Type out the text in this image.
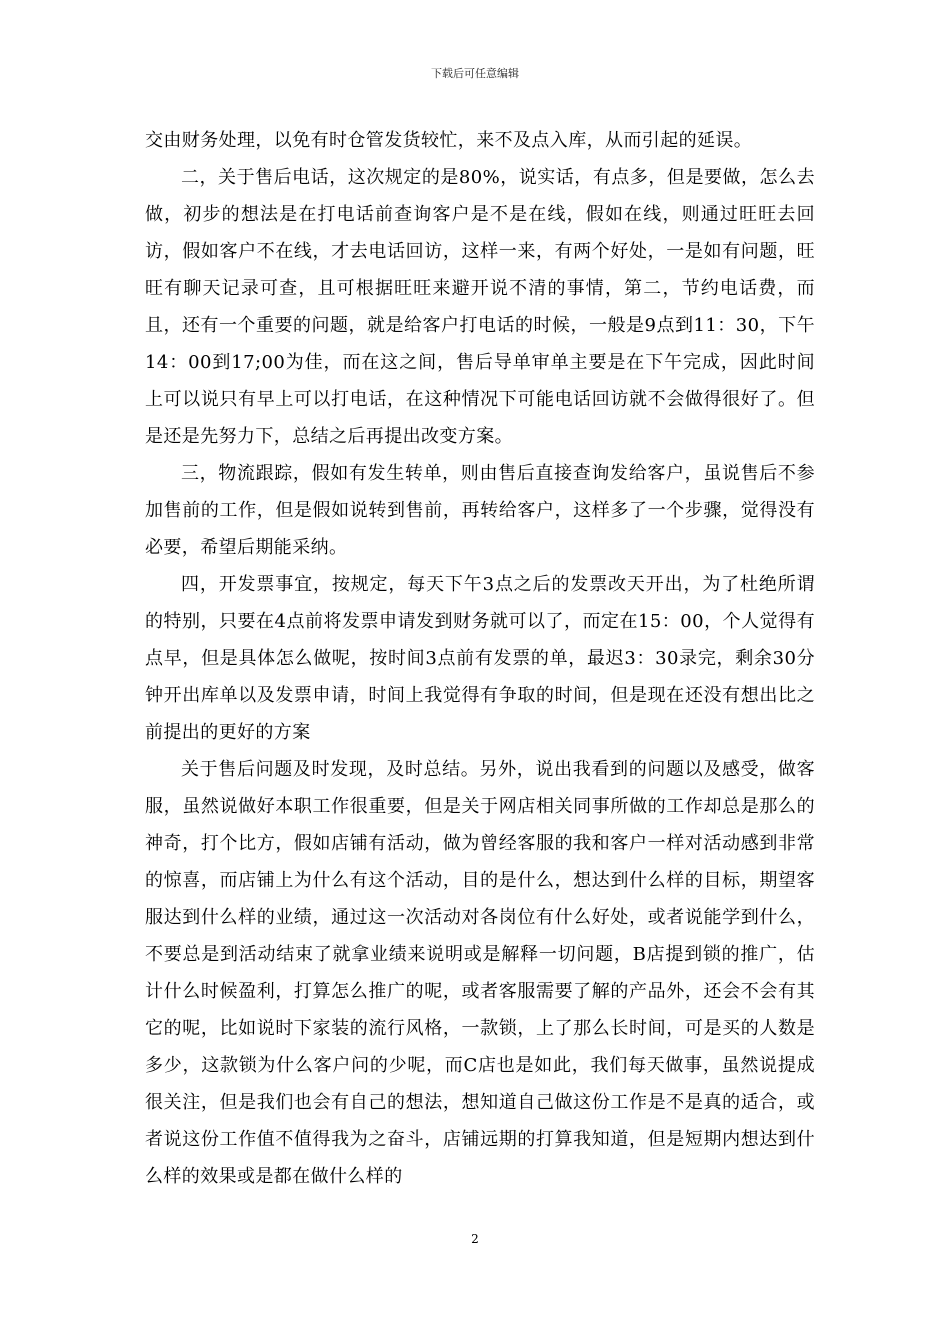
下载后可任意编辑

交由财务处理，以免有时仓管发货较忙，来不及点入库，从而引起的延误。

二，关于售后电话，这次规定的是80%，说实话，有点多，但是要做，怎么去做，初步的想法是在打电话前查询客户是不是在线，假如在线，则通过旺旺去回访，假如客户不在线，才去电话回访，这样一来，有两个好处，一是如有问题，旺旺有聊天记录可查，且可根据旺旺来避开说不清的事情，第二，节约电话费，而且，还有一个重要的问题，就是给客户打电话的时候，一般是9点到11：30，下午14：00到17;00为佳，而在这之间，售后导单审单主要是在下午完成，因此时间上可以说只有早上可以打电话，在这种情况下可能电话回访就不会做得很好了。但是还是先努力下，总结之后再提出改变方案。

三，物流跟踪，假如有发生转单，则由售后直接查询发给客户，虽说售后不参加售前的工作，但是假如说转到售前，再转给客户，这样多了一个步骤，觉得没有必要，希望后期能采纳。

四，开发票事宜，按规定，每天下午3点之后的发票改天开出，为了杜绝所谓的特别，只要在4点前将发票申请发到财务就可以了，而定在15：00，个人觉得有点早，但是具体怎么做呢，按时间3点前有发票的单，最迟3：30录完，剩余30分钟开出库单以及发票申请，时间上我觉得有争取的时间，但是现在还没有想出比之前提出的更好的方案

关于售后问题及时发现，及时总结。另外，说出我看到的问题以及感受，做客服，虽然说做好本职工作很重要，但是关于网店相关同事所做的工作却总是那么的神奇，打个比方，假如店铺有活动，做为曾经客服的我和客户一样对活动感到非常的惊喜，而店铺上为什么有这个活动，目的是什么，想达到什么样的目标，期望客服达到什么样的业绩，通过这一次活动对各岗位有什么好处，或者说能学到什么，不要总是到活动结束了就拿业绩来说明或是解释一切问题，B店提到锁的推广，估计什么时候盈利，打算怎么推广的呢，或者客服需要了解的产品外，还会不会有其它的呢，比如说时下家装的流行风格，一款锁，上了那么长时间，可是买的人数是多少，这款锁为什么客户问的少呢，而C店也是如此，我们每天做事，虽然说提成很关注，但是我们也会有自己的想法，想知道自己做这份工作是不是真的适合，或者说这份工作值不值得我为之奋斗，店铺远期的打算我知道，但是短期内想达到什么样的效果或是都在做什么样的

2
